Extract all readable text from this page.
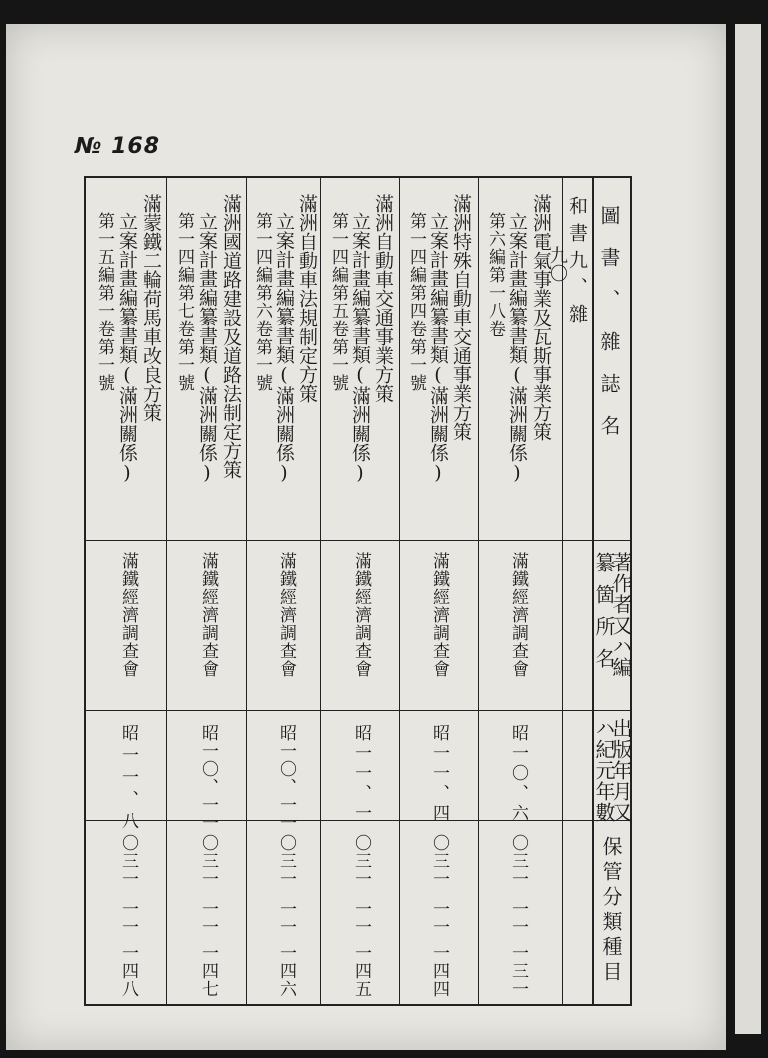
№ 168
圖書、雜誌名
著作者又ハ編
纂箇所名
出版年月又
ハ紀元年數
保管分類種目
和書九、雜
九〇
滿洲電氣事業及瓦斯事業方策
立案計畫編纂書類(滿洲關係)
第六編第一八卷
滿鐵經濟調查會
昭一〇、六
〇三一
一一
一三一
滿洲特殊自動車交通事業方策
立案計畫編纂書類(滿洲關係)
第一四編第四卷第一號
滿鐵經濟調查會
昭一一、四
〇三一
一一
一四四
滿洲自動車交通事業方策
立案計畫編纂書類(滿洲關係)
第一四編第五卷第一號
滿鐵經濟調查會
昭一一、一
〇三一
一一
一四五
滿洲自動車法規制定方策
立案計畫編纂書類(滿洲關係)
第一四編第六卷第一號
滿鐵經濟調查會
昭一〇、一一
〇三一
一一
一四六
滿洲國道路建設及道路法制定方策
立案計畫編纂書類(滿洲關係)
第一四編第七卷第一號
滿鐵經濟調查會
昭一〇、一一
〇三一
一一
一四七
滿蒙鐵二輪荷馬車改良方策
立案計畫編纂書類(滿洲關係)
第一五編第一卷第一號
滿鐵經濟調查會
昭一一、八
〇三一
一一
一四八
